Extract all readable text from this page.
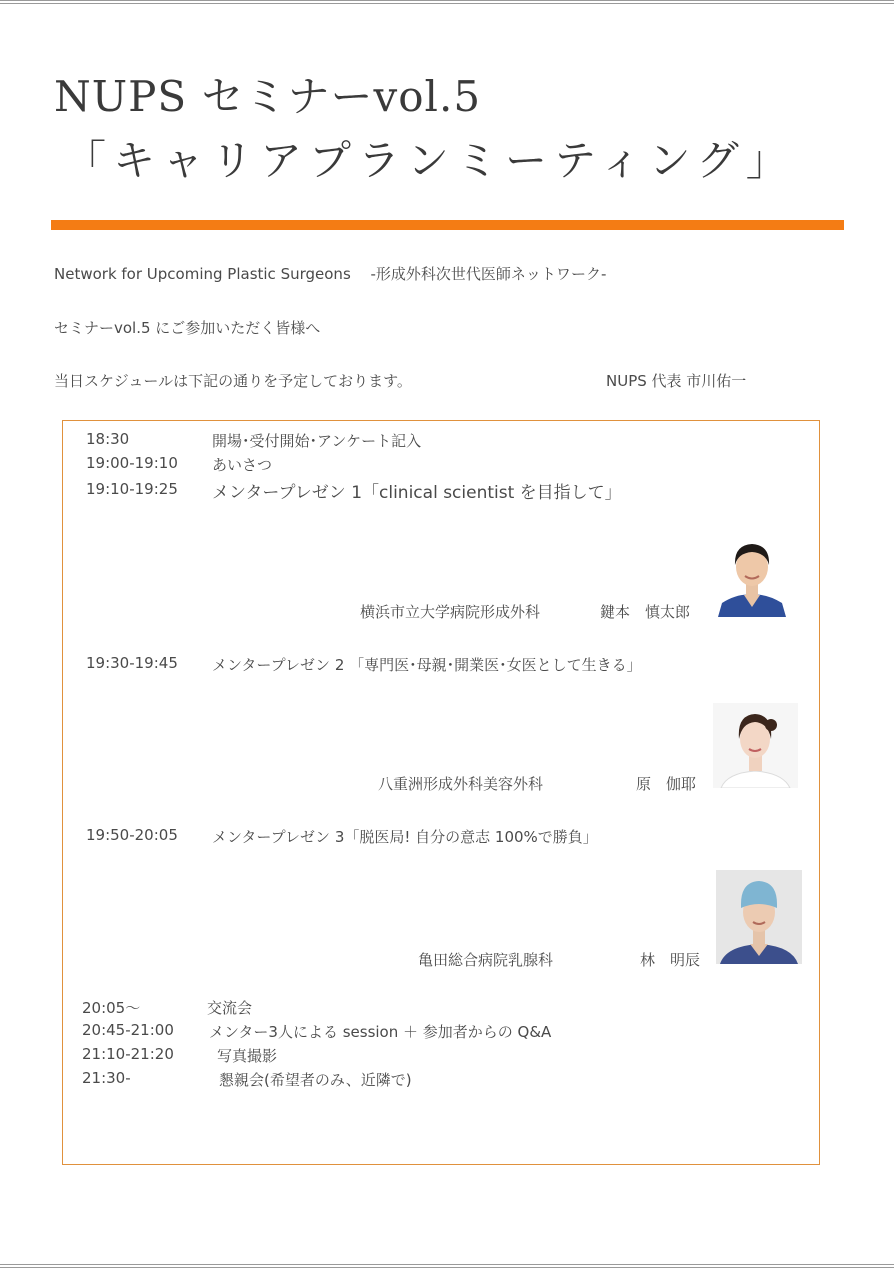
NUPS セミナーvol.5
「キャリアプランミーティング」
Network for Upcoming Plastic Surgeons　 -形成外科次世代医師ネットワーク-
セミナーvol.5 にご参加いただく皆様へ
当日スケジュールは下記の通りを予定しております。	NUPS 代表 市川佑一
18:30	開場･受付開始･アンケート記入
19:00-19:10 あいさつ
19:10-19:25 メンタープレゼン 1「clinical scientist を目指して」
横浜市立大学病院形成外科	鍵本　慎太郎
19:30-19:45 メンタープレゼン 2 「専門医･母親･開業医･女医として生きる」
八重洲形成外科美容外科	原　伽耶
19:50-20:05 メンタープレゼン 3「脱医局! 自分の意志 100%で勝負」
亀田総合病院乳腺科	林　明辰
20:05～	交流会
20:45-21:00 メンター3人による session ＋ 参加者からの Q&A
21:10-21:20	写真撮影
21:30-	懇親会(希望者のみ、近隣で)
